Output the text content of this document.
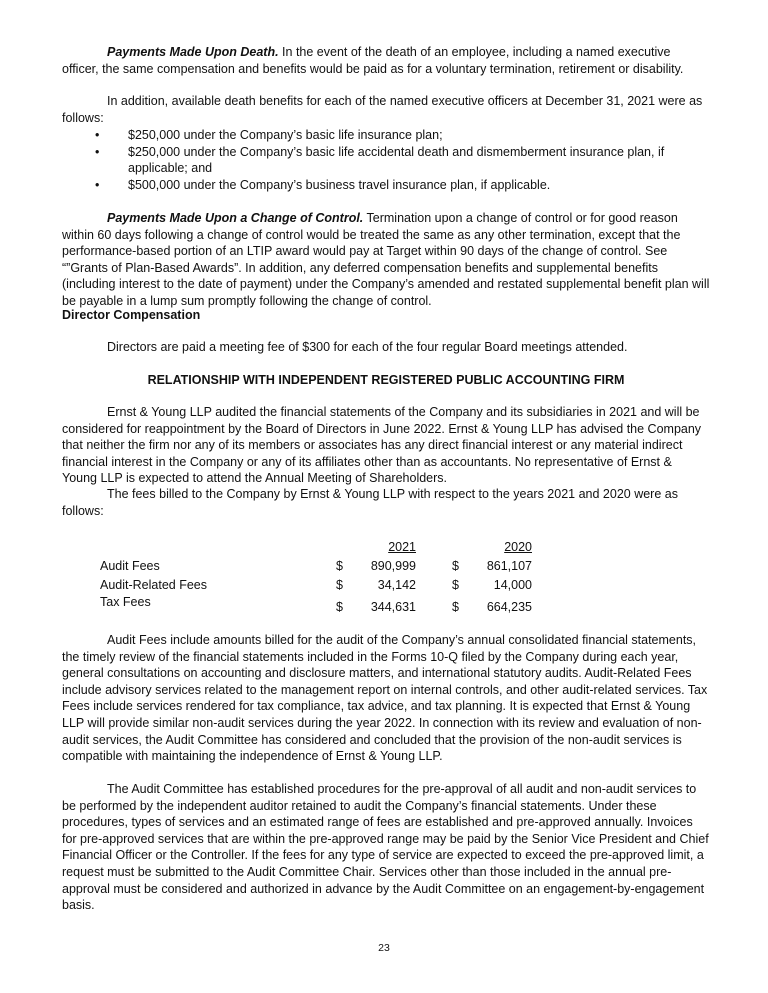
Payments Made Upon Death. In the event of the death of an employee, including a named executive officer, the same compensation and benefits would be paid as for a voluntary termination, retirement or disability.

In addition, available death benefits for each of the named executive officers at December 31, 2021 were as follows:

• $250,000 under the Company’s basic life insurance plan;
• $250,000 under the Company’s basic life accidental death and dismemberment insurance plan, if applicable; and
• $500,000 under the Company’s business travel insurance plan, if applicable.

Payments Made Upon a Change of Control. Termination upon a change of control or for good reason within 60 days following a change of control would be treated the same as any other termination, except that the performance-based portion of an LTIP award would pay at Target within 90 days of the change of control. See “”Grants of Plan-Based Awards”. In addition, any deferred compensation benefits and supplemental benefits (including interest to the date of payment) under the Company’s amended and restated supplemental benefit plan will be payable in a lump sum promptly following the change of control.

Director Compensation

Directors are paid a meeting fee of $300 for each of the four regular Board meetings attended.

RELATIONSHIP WITH INDEPENDENT REGISTERED PUBLIC ACCOUNTING FIRM

Ernst & Young LLP audited the financial statements of the Company and its subsidiaries in 2021 and will be considered for reappointment by the Board of Directors in June 2022. Ernst & Young LLP has advised the Company that neither the firm nor any of its members or associates has any direct financial interest or any material indirect financial interest in the Company or any of its affiliates other than as accountants. No representative of Ernst & Young LLP is expected to attend the Annual Meeting of Shareholders.

The fees billed to the Company by Ernst & Young LLP with respect to the years 2021 and 2020 were as follows:

		2021			2020
Audit Fees	$	890,999		$	861,107
Audit-Related Fees	$	34,142		$	14,000
Tax Fees	$	344,631		$	664,235

Audit Fees include amounts billed for the audit of the Company’s annual consolidated financial statements, the timely review of the financial statements included in the Forms 10-Q filed by the Company during each year, general consultations on accounting and disclosure matters, and international statutory audits. Audit-Related Fees include advisory services related to the management report on internal controls, and other audit-related services. Tax Fees include services rendered for tax compliance, tax advice, and tax planning. It is expected that Ernst & Young LLP will provide similar non-audit services during the year 2022. In connection with its review and evaluation of non-audit services, the Audit Committee has considered and concluded that the provision of the non-audit services is compatible with maintaining the independence of Ernst & Young LLP.

The Audit Committee has established procedures for the pre-approval of all audit and non-audit services to be performed by the independent auditor retained to audit the Company’s financial statements. Under these procedures, types of services and an estimated range of fees are established and pre-approved annually. Invoices for pre-approved services that are within the pre-approved range may be paid by the Senior Vice President and Chief Financial Officer or the Controller. If the fees for any type of service are expected to exceed the pre-approved limit, a request must be submitted to the Audit Committee Chair. Services other than those included in the annual pre-approval must be considered and authorized in advance by the Audit Committee on an engagement-by-engagement basis.

23
